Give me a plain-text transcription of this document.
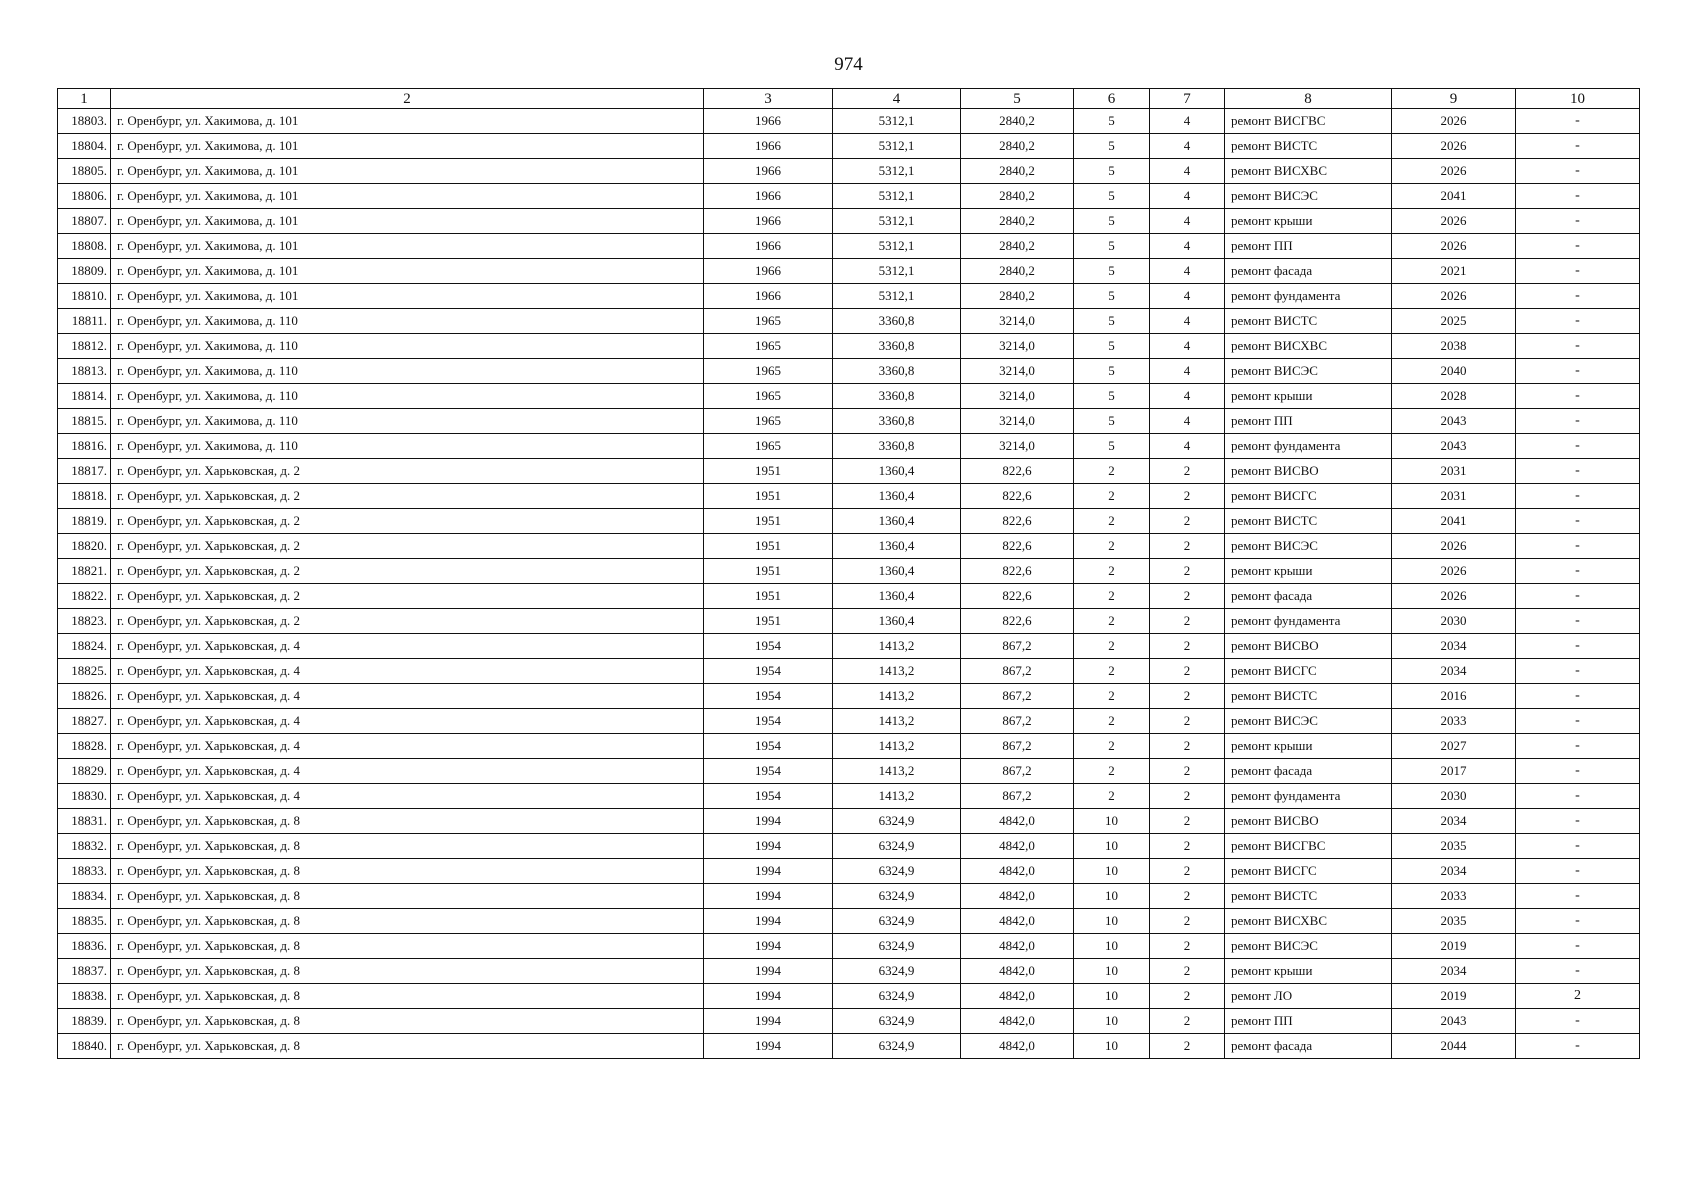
974
1	2	3	4	5	6	7	8	9	10
18803.	г. Оренбург, ул. Хакимова, д. 101	1966	5312,1	2840,2	5	4	ремонт ВИСГВС	2026	-
18804.	г. Оренбург, ул. Хакимова, д. 101	1966	5312,1	2840,2	5	4	ремонт ВИСТС	2026	-
18805.	г. Оренбург, ул. Хакимова, д. 101	1966	5312,1	2840,2	5	4	ремонт ВИСХВС	2026	-
18806.	г. Оренбург, ул. Хакимова, д. 101	1966	5312,1	2840,2	5	4	ремонт ВИСЭС	2041	-
18807.	г. Оренбург, ул. Хакимова, д. 101	1966	5312,1	2840,2	5	4	ремонт крыши	2026	-
18808.	г. Оренбург, ул. Хакимова, д. 101	1966	5312,1	2840,2	5	4	ремонт ПП	2026	-
18809.	г. Оренбург, ул. Хакимова, д. 101	1966	5312,1	2840,2	5	4	ремонт фасада	2021	-
18810.	г. Оренбург, ул. Хакимова, д. 101	1966	5312,1	2840,2	5	4	ремонт фундамента	2026	-
18811.	г. Оренбург, ул. Хакимова, д. 110	1965	3360,8	3214,0	5	4	ремонт ВИСТС	2025	-
18812.	г. Оренбург, ул. Хакимова, д. 110	1965	3360,8	3214,0	5	4	ремонт ВИСХВС	2038	-
18813.	г. Оренбург, ул. Хакимова, д. 110	1965	3360,8	3214,0	5	4	ремонт ВИСЭС	2040	-
18814.	г. Оренбург, ул. Хакимова, д. 110	1965	3360,8	3214,0	5	4	ремонт крыши	2028	-
18815.	г. Оренбург, ул. Хакимова, д. 110	1965	3360,8	3214,0	5	4	ремонт ПП	2043	-
18816.	г. Оренбург, ул. Хакимова, д. 110	1965	3360,8	3214,0	5	4	ремонт фундамента	2043	-
18817.	г. Оренбург, ул. Харьковская, д. 2	1951	1360,4	822,6	2	2	ремонт ВИСВО	2031	-
18818.	г. Оренбург, ул. Харьковская, д. 2	1951	1360,4	822,6	2	2	ремонт ВИСГС	2031	-
18819.	г. Оренбург, ул. Харьковская, д. 2	1951	1360,4	822,6	2	2	ремонт ВИСТС	2041	-
18820.	г. Оренбург, ул. Харьковская, д. 2	1951	1360,4	822,6	2	2	ремонт ВИСЭС	2026	-
18821.	г. Оренбург, ул. Харьковская, д. 2	1951	1360,4	822,6	2	2	ремонт крыши	2026	-
18822.	г. Оренбург, ул. Харьковская, д. 2	1951	1360,4	822,6	2	2	ремонт фасада	2026	-
18823.	г. Оренбург, ул. Харьковская, д. 2	1951	1360,4	822,6	2	2	ремонт фундамента	2030	-
18824.	г. Оренбург, ул. Харьковская, д. 4	1954	1413,2	867,2	2	2	ремонт ВИСВО	2034	-
18825.	г. Оренбург, ул. Харьковская, д. 4	1954	1413,2	867,2	2	2	ремонт ВИСГС	2034	-
18826.	г. Оренбург, ул. Харьковская, д. 4	1954	1413,2	867,2	2	2	ремонт ВИСТС	2016	-
18827.	г. Оренбург, ул. Харьковская, д. 4	1954	1413,2	867,2	2	2	ремонт ВИСЭС	2033	-
18828.	г. Оренбург, ул. Харьковская, д. 4	1954	1413,2	867,2	2	2	ремонт крыши	2027	-
18829.	г. Оренбург, ул. Харьковская, д. 4	1954	1413,2	867,2	2	2	ремонт фасада	2017	-
18830.	г. Оренбург, ул. Харьковская, д. 4	1954	1413,2	867,2	2	2	ремонт фундамента	2030	-
18831.	г. Оренбург, ул. Харьковская, д. 8	1994	6324,9	4842,0	10	2	ремонт ВИСВО	2034	-
18832.	г. Оренбург, ул. Харьковская, д. 8	1994	6324,9	4842,0	10	2	ремонт ВИСГВС	2035	-
18833.	г. Оренбург, ул. Харьковская, д. 8	1994	6324,9	4842,0	10	2	ремонт ВИСГС	2034	-
18834.	г. Оренбург, ул. Харьковская, д. 8	1994	6324,9	4842,0	10	2	ремонт ВИСТС	2033	-
18835.	г. Оренбург, ул. Харьковская, д. 8	1994	6324,9	4842,0	10	2	ремонт ВИСХВС	2035	-
18836.	г. Оренбург, ул. Харьковская, д. 8	1994	6324,9	4842,0	10	2	ремонт ВИСЭС	2019	-
18837.	г. Оренбург, ул. Харьковская, д. 8	1994	6324,9	4842,0	10	2	ремонт крыши	2034	-
18838.	г. Оренбург, ул. Харьковская, д. 8	1994	6324,9	4842,0	10	2	ремонт ЛО	2019	2
18839.	г. Оренбург, ул. Харьковская, д. 8	1994	6324,9	4842,0	10	2	ремонт ПП	2043	-
18840.	г. Оренбург, ул. Харьковская, д. 8	1994	6324,9	4842,0	10	2	ремонт фасада	2044	-
